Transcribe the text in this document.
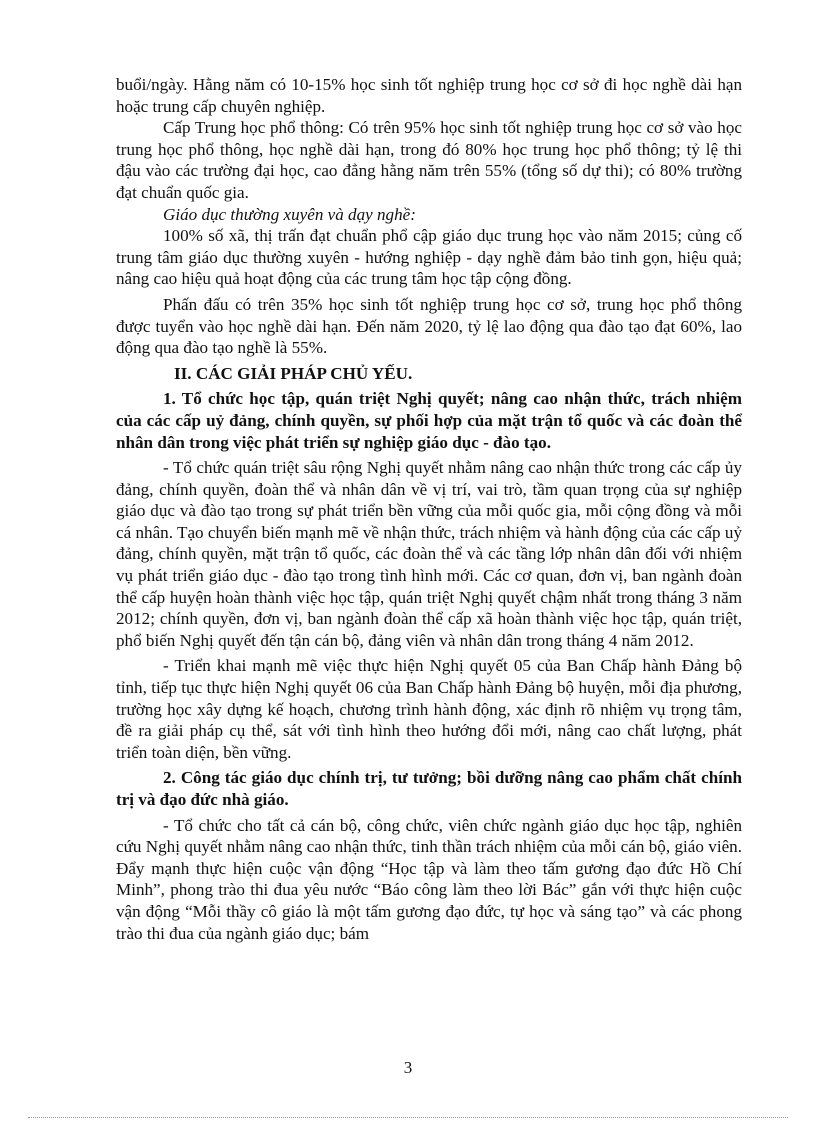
buổi/ngày. Hằng năm có 10-15% học sinh tốt nghiệp trung học cơ sở đi học nghề dài hạn hoặc trung cấp chuyên nghiệp.

Cấp Trung học phổ thông: Có trên 95% học sinh tốt nghiệp trung học cơ sở vào học trung học phổ thông, học nghề dài hạn, trong đó 80% học trung học phổ thông; tỷ lệ thi đậu vào các trường đại học, cao đẳng hằng năm trên 55% (tổng số dự thi); có 80% trường đạt chuẩn quốc gia.

Giáo dục thường xuyên và dạy nghề:

100% số xã, thị trấn đạt chuẩn phổ cập giáo dục trung học vào năm 2015; củng cố trung tâm giáo dục thường xuyên - hướng nghiệp - dạy nghề đảm bảo tinh gọn, hiệu quả; nâng cao hiệu quả hoạt động của các trung tâm học tập cộng đồng.

Phấn đấu có trên 35% học sinh tốt nghiệp trung học cơ sở, trung học phổ thông được tuyển vào học nghề dài hạn. Đến năm 2020, tỷ lệ lao động qua đào tạo đạt 60%, lao động qua đào tạo nghề là 55%.

II. CÁC GIẢI PHÁP CHỦ YẾU.

1. Tổ chức học tập, quán triệt Nghị quyết; nâng cao nhận thức, trách nhiệm của các cấp uỷ đảng, chính quyền, sự phối hợp của mặt trận tổ quốc và các đoàn thể nhân dân trong việc phát triển sự nghiệp giáo dục - đào tạo.

- Tổ chức quán triệt sâu rộng Nghị quyết nhằm nâng cao nhận thức trong các cấp ủy đảng, chính quyền, đoàn thể và nhân dân về vị trí, vai trò, tầm quan trọng của sự nghiệp giáo dục và đào tạo trong sự phát triển bền vững của mỗi quốc gia, mỗi cộng đồng và mỗi cá nhân. Tạo chuyển biến mạnh mẽ về nhận thức, trách nhiệm và hành động của các cấp uỷ đảng, chính quyền, mặt trận tổ quốc, các đoàn thể và các tầng lớp nhân dân đối với nhiệm vụ phát triển giáo dục - đào tạo trong tình hình mới. Các cơ quan, đơn vị, ban ngành đoàn thể cấp huyện hoàn thành việc học tập, quán triệt Nghị quyết chậm nhất trong tháng 3 năm 2012; chính quyền, đơn vị, ban ngành đoàn thể cấp xã hoàn thành việc học tập, quán triệt, phổ biến Nghị quyết đến tận cán bộ, đảng viên và nhân dân trong tháng 4 năm 2012.

- Triển khai mạnh mẽ việc thực hiện Nghị quyết 05 của Ban Chấp hành Đảng bộ tỉnh, tiếp tục thực hiện Nghị quyết 06 của Ban Chấp hành Đảng bộ huyện, mỗi địa phương, trường học xây dựng kế hoạch, chương trình hành động, xác định rõ nhiệm vụ trọng tâm, đề ra giải pháp cụ thể, sát với tình hình theo hướng đổi mới, nâng cao chất lượng, phát triển toàn diện, bền vững.

2. Công tác giáo dục chính trị, tư tưởng; bồi dưỡng nâng cao phẩm chất chính trị và đạo đức nhà giáo.

- Tổ chức cho tất cả cán bộ, công chức, viên chức ngành giáo dục học tập, nghiên cứu Nghị quyết nhằm nâng cao nhận thức, tinh thần trách nhiệm của mỗi cán bộ, giáo viên. Đẩy mạnh thực hiện cuộc vận động “Học tập và làm theo tấm gương đạo đức Hồ Chí Minh”, phong trào thi đua yêu nước “Báo công làm theo lời Bác” gắn với thực hiện cuộc vận động “Mỗi thầy cô giáo là một tấm gương đạo đức, tự học và sáng tạo” và các phong trào thi đua của ngành giáo dục; bám

3
